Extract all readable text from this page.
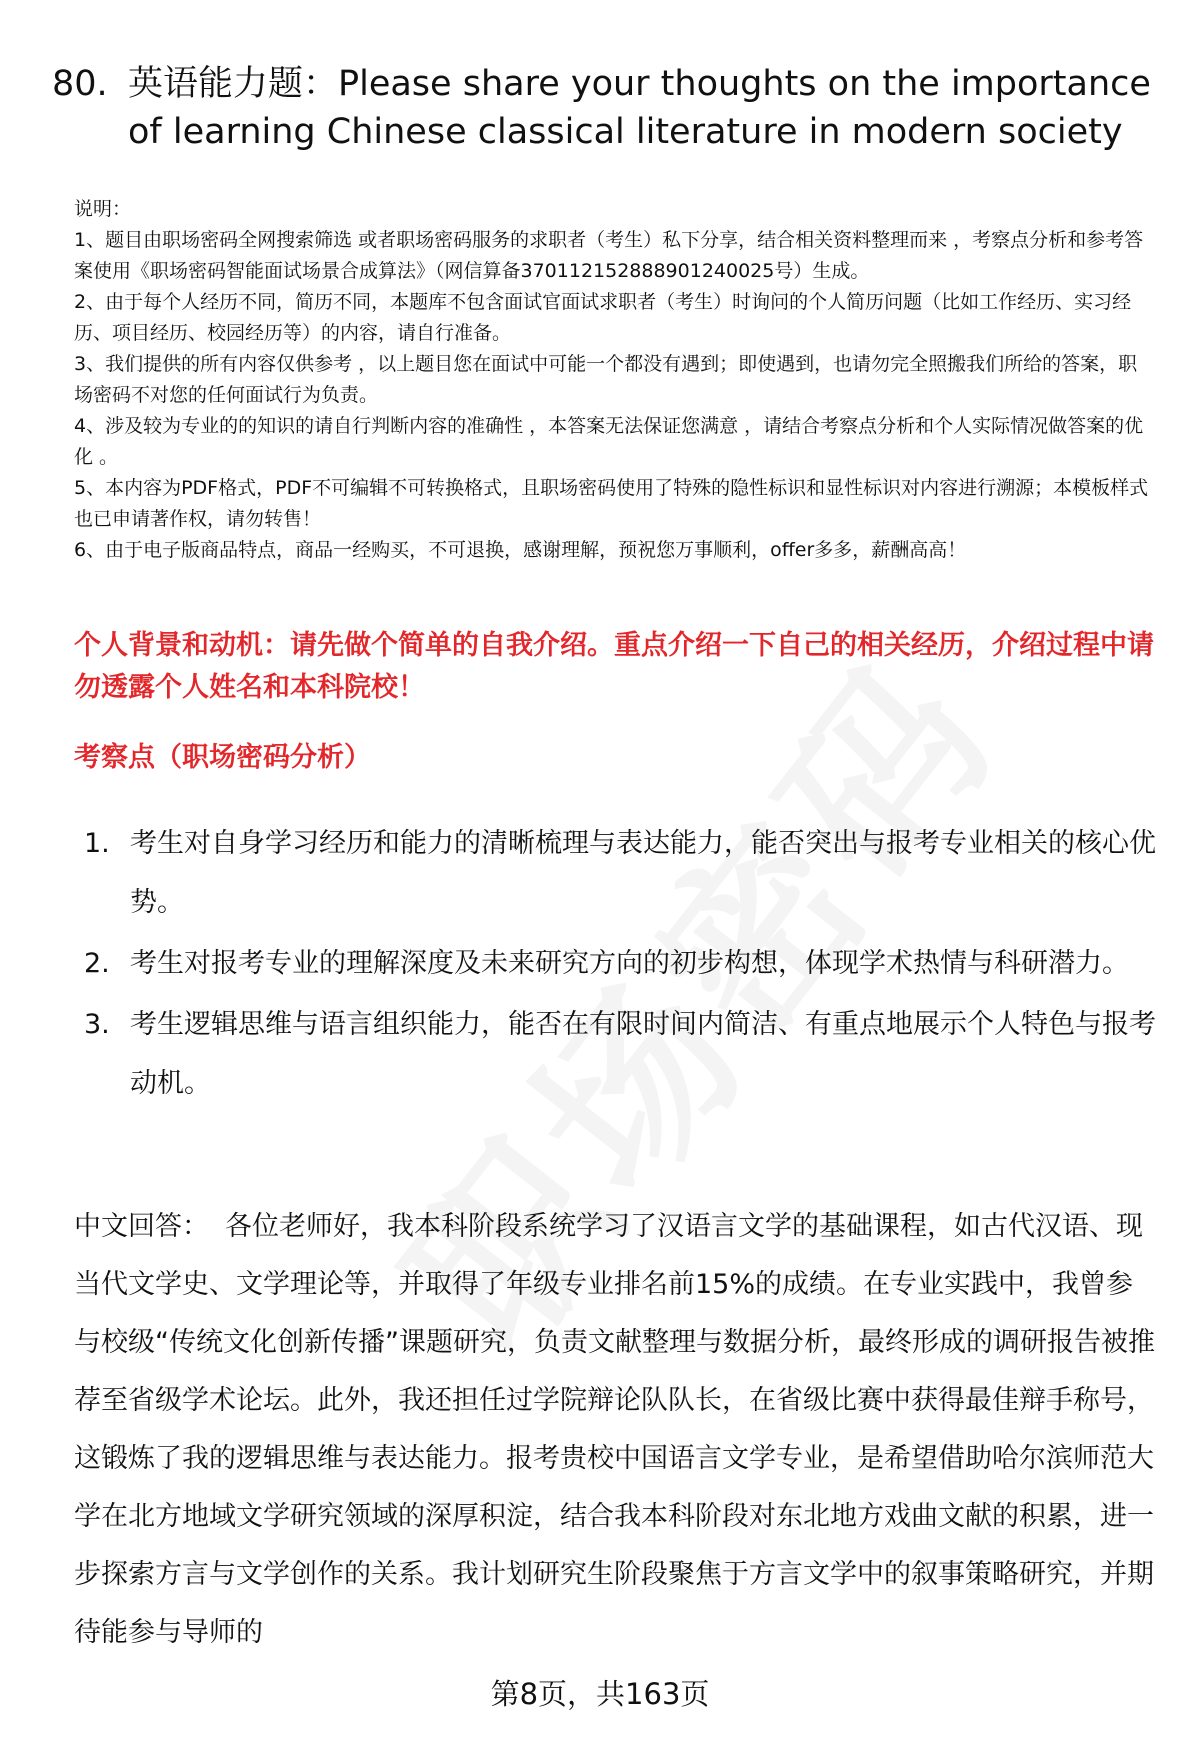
80. 英语能力题：Please share your thoughts on the importance of learning Chinese classical literature in modern society

说明：

1、题目由职场密码全网搜索筛选 或者职场密码服务的求职者（考生）私下分享，结合相关资料整理而来 ，考察点分析和参考答案使用《职场密码智能面试场景合成算法》（网信算备370112152888901240025号）生成。

2、由于每个人经历不同，简历不同，本题库不包含面试官面试求职者（考生）时询问的个人简历问题（比如工作经历、实习经历、项目经历、校园经历等）的内容，请自行准备。

3、我们提供的所有内容仅供参考 ，以上题目您在面试中可能一个都没有遇到；即使遇到，也请勿完全照搬我们所给的答案，职场密码不对您的任何面试行为负责。

4、涉及较为专业的的知识的请自行判断内容的准确性 ，本答案无法保证您满意 ，请结合考察点分析和个人实际情况做答案的优化 。

5、本内容为PDF格式，PDF不可编辑不可转换格式，且职场密码使用了特殊的隐性标识和显性标识对内容进行溯源；本模板样式也已申请著作权，请勿转售！

6、由于电子版商品特点，商品一经购买，不可退换，感谢理解，预祝您万事顺利，offer多多，薪酬高高！

个人背景和动机：请先做个简单的自我介绍。重点介绍一下自己的相关经历，介绍过程中请勿透露个人姓名和本科院校！
考察点（职场密码分析）
1. 考生对自身学习经历和能力的清晰梳理与表达能力，能否突出与报考专业相关的核心优势。
2. 考生对报考专业的理解深度及未来研究方向的初步构想，体现学术热情与科研潜力。
3. 考生逻辑思维与语言组织能力，能否在有限时间内简洁、有重点地展示个人特色与报考动机。

中文回答： 各位老师好，我本科阶段系统学习了汉语言文学的基础课程，如古代汉语、现当代文学史、文学理论等，并取得了年级专业排名前15%的成绩。在专业实践中，我曾参与校级“传统文化创新传播”课题研究，负责文献整理与数据分析，最终形成的调研报告被推荐至省级学术论坛。此外，我还担任过学院辩论队队长，在省级比赛中获得最佳辩手称号，这锻炼了我的逻辑思维与表达能力。报考贵校中国语言文学专业，是希望借助哈尔滨师范大学在北方地域文学研究领域的深厚积淀，结合我本科阶段对东北地方戏曲文献的积累，进一步探索方言与文学创作的关系。我计划研究生阶段聚焦于方言文学中的叙事策略研究，并期待能参与导师的

第8页，共163页
